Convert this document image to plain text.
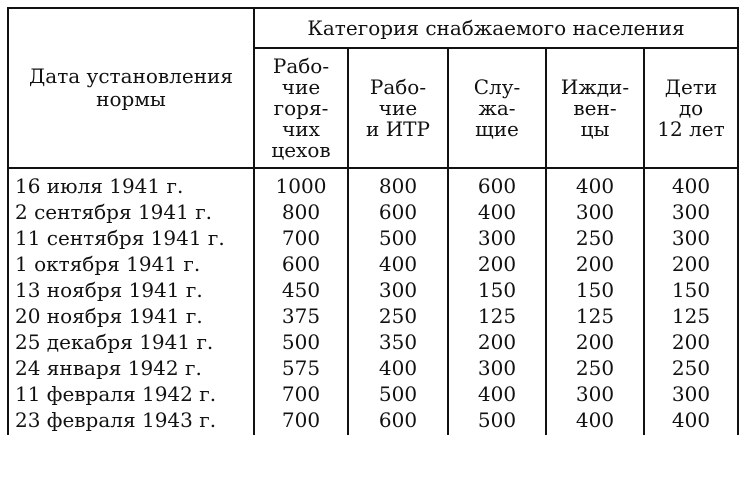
Дата установления нормы	Категория снабжаемого населения				
	Рабо-
чие
горя-
чих
цехов	Рабо-
чие
и ИТР	Слу-
жа-
щие	Ижди-
вен-
цы	Дети
до
12 лет
16 июля 1941 г.	1000	800	600	400	400
2 сентября 1941 г.	800	600	400	300	300
11 сентября 1941 г.	700	500	300	250	300
1 октября 1941 г.	600	400	200	200	200
13 ноября 1941 г.	450	300	150	150	150
20 ноября 1941 г.	375	250	125	125	125
25 декабря 1941 г.	500	350	200	200	200
24 января 1942 г.	575	400	300	250	250
11 февраля 1942 г.	700	500	400	300	300
23 февраля 1943 г.	700	600	500	400	400
